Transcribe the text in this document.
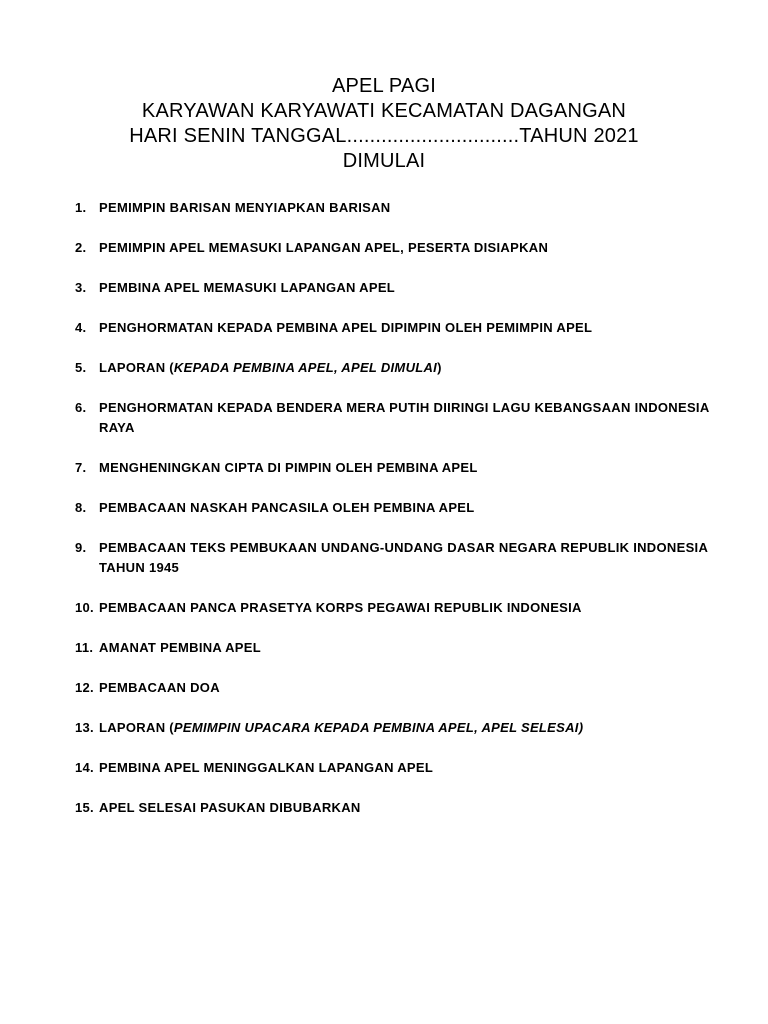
APEL PAGI
KARYAWAN KARYAWATI KECAMATAN DAGANGAN
HARI SENIN TANGGAL..............................TAHUN 2021
DIMULAI
1. PEMIMPIN BARISAN MENYIAPKAN BARISAN
2. PEMIMPIN APEL MEMASUKI LAPANGAN APEL, PESERTA DISIAPKAN
3. PEMBINA APEL MEMASUKI LAPANGAN APEL
4. PENGHORMATAN KEPADA PEMBINA APEL DIPIMPIN OLEH PEMIMPIN APEL
5. LAPORAN (KEPADA PEMBINA APEL, APEL DIMULAI)
6. PENGHORMATAN KEPADA BENDERA MERA PUTIH DIIRINGI LAGU KEBANGSAAN INDONESIA RAYA
7. MENGHENINGKAN CIPTA DI PIMPIN OLEH PEMBINA APEL
8. PEMBACAAN NASKAH PANCASILA OLEH PEMBINA APEL
9. PEMBACAAN TEKS PEMBUKAAN UNDANG-UNDANG DASAR NEGARA REPUBLIK INDONESIA TAHUN 1945
10. PEMBACAAN PANCA PRASETYA KORPS PEGAWAI REPUBLIK INDONESIA
11. AMANAT PEMBINA APEL
12. PEMBACAAN DOA
13. LAPORAN (PEMIMPIN UPACARA KEPADA PEMBINA APEL, APEL SELESAI)
14. PEMBINA APEL MENINGGALKAN LAPANGAN APEL
15. APEL SELESAI PASUKAN DIBUBARKAN
